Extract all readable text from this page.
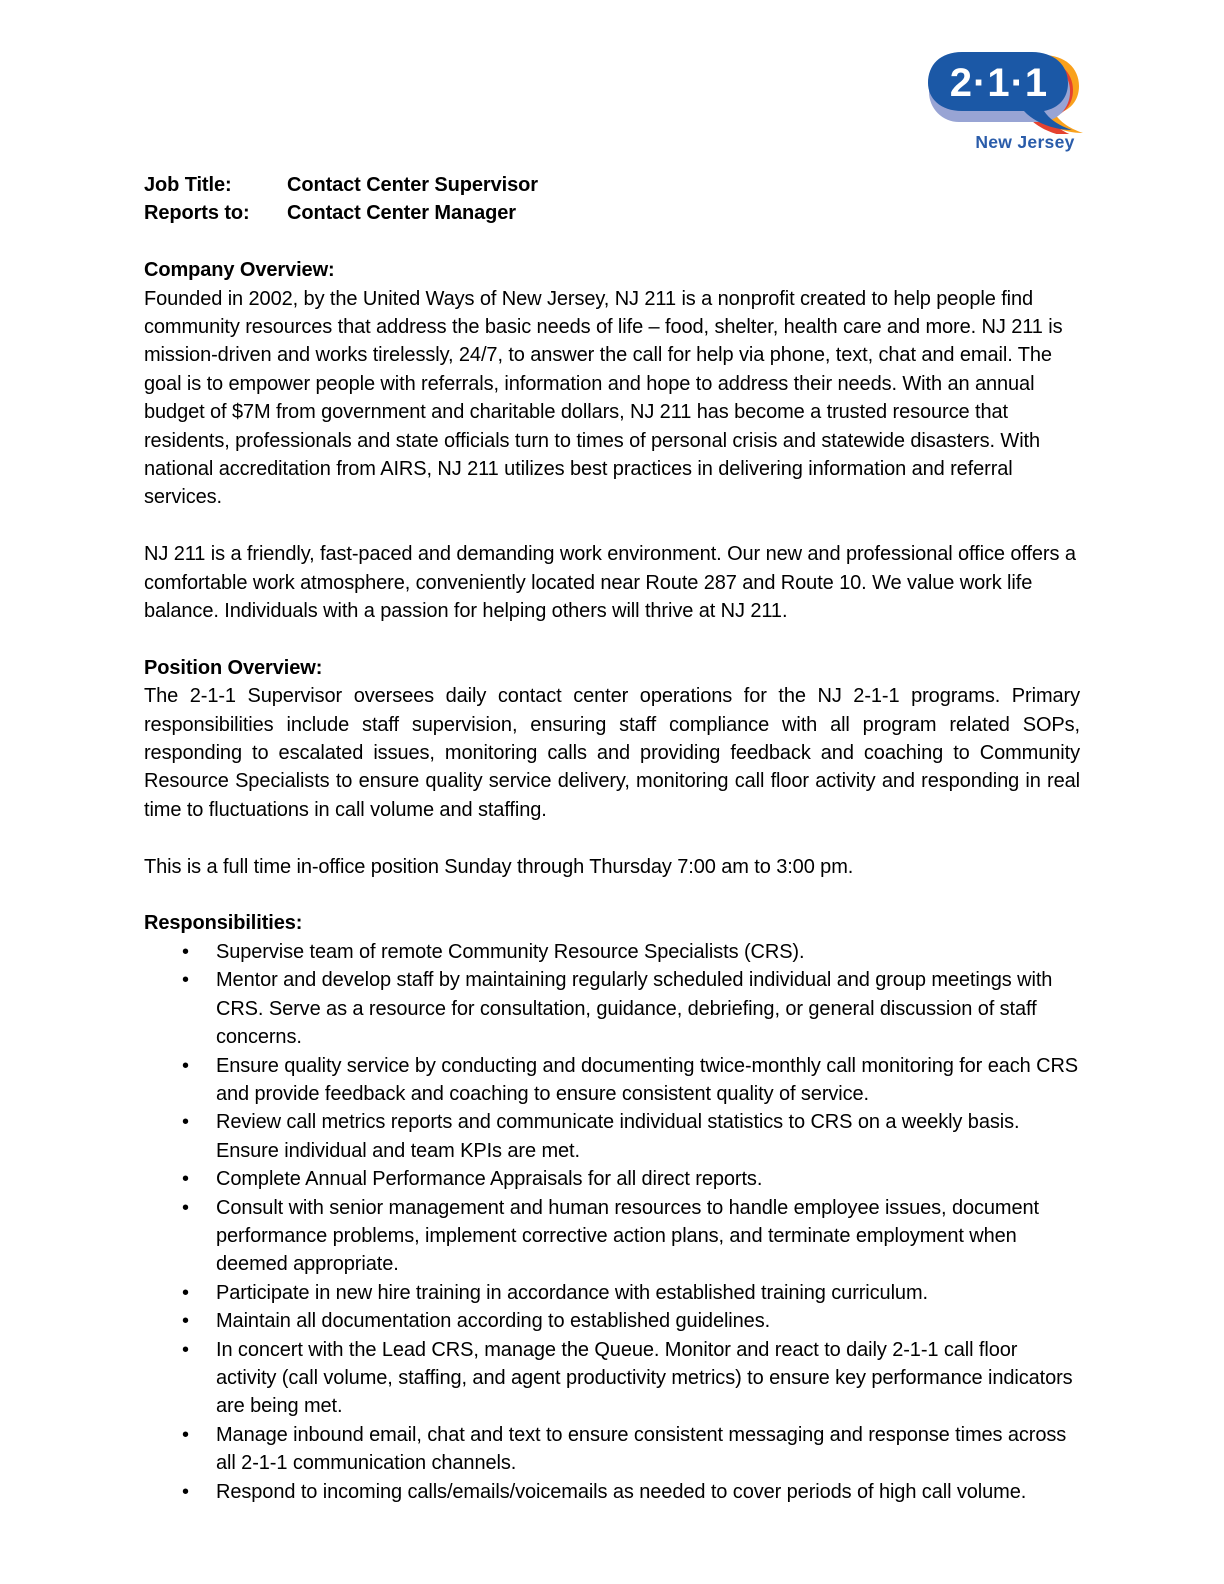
2·1·1
New Jersey
Job Title:	Contact Center Supervisor
Reports to:	Contact Center Manager
Company Overview:

Founded in 2002, by the United Ways of New Jersey, NJ 211 is a nonprofit created to help people find community resources that address the basic needs of life – food, shelter, health care and more. NJ 211 is mission-driven and works tirelessly, 24/7, to answer the call for help via phone, text, chat and email. The goal is to empower people with referrals, information and hope to address their needs. With an annual budget of $7M from government and charitable dollars, NJ 211 has become a trusted resource that residents, professionals and state officials turn to times of personal crisis and statewide disasters. With national accreditation from AIRS, NJ 211 utilizes best practices in delivering information and referral services.

NJ 211 is a friendly, fast-paced and demanding work environment. Our new and professional office offers a comfortable work atmosphere, conveniently located near Route 287 and Route 10. We value work life balance. Individuals with a passion for helping others will thrive at NJ 211.

Position Overview:

The 2-1-1 Supervisor oversees daily contact center operations for the NJ 2-1-1 programs. Primary responsibilities include staff supervision, ensuring staff compliance with all program related SOPs, responding to escalated issues, monitoring calls and providing feedback and coaching to Community Resource Specialists to ensure quality service delivery, monitoring call floor activity and responding in real time to fluctuations in call volume and staffing.

This is a full time in-office position Sunday through Thursday 7:00 am to 3:00 pm.

Responsibilities:
• Supervise team of remote Community Resource Specialists (CRS).
• Mentor and develop staff by maintaining regularly scheduled individual and group meetings with CRS. Serve as a resource for consultation, guidance, debriefing, or general discussion of staff concerns.
• Ensure quality service by conducting and documenting twice-monthly call monitoring for each CRS and provide feedback and coaching to ensure consistent quality of service.
• Review call metrics reports and communicate individual statistics to CRS on a weekly basis. Ensure individual and team KPIs are met.
• Complete Annual Performance Appraisals for all direct reports.
• Consult with senior management and human resources to handle employee issues, document performance problems, implement corrective action plans, and terminate employment when deemed appropriate.
• Participate in new hire training in accordance with established training curriculum.
• Maintain all documentation according to established guidelines.
• In concert with the Lead CRS, manage the Queue. Monitor and react to daily 2-1-1 call floor activity (call volume, staffing, and agent productivity metrics) to ensure key performance indicators are being met.
• Manage inbound email, chat and text to ensure consistent messaging and response times across all 2-1-1 communication channels.
• Respond to incoming calls/emails/voicemails as needed to cover periods of high call volume.
